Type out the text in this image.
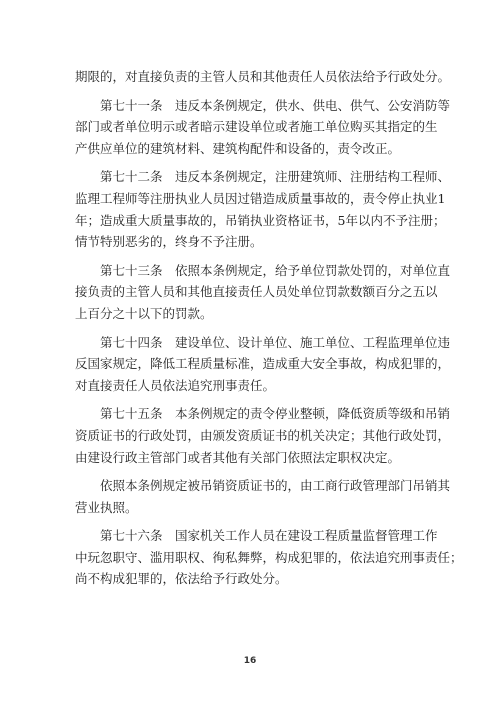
期限的，对直接负责的主管人员和其他责任人员依法给予行政处分。

第七十一条　违反本条例规定，供水、供电、供气、公安消防等
部门或者单位明示或者暗示建设单位或者施工单位购买其指定的生
产供应单位的建筑材料、建筑构配件和设备的，责令改正。

第七十二条　违反本条例规定，注册建筑师、注册结构工程师、
监理工程师等注册执业人员因过错造成质量事故的，责令停止执业1
年；造成重大质量事故的，吊销执业资格证书，5年以内不予注册；
情节特别恶劣的，终身不予注册。

第七十三条　依照本条例规定，给予单位罚款处罚的，对单位直
接负责的主管人员和其他直接责任人员处单位罚款数额百分之五以
上百分之十以下的罚款。

第七十四条　建设单位、设计单位、施工单位、工程监理单位违
反国家规定，降低工程质量标准，造成重大安全事故，构成犯罪的，
对直接责任人员依法追究刑事责任。

第七十五条　本条例规定的责令停业整顿，降低资质等级和吊销
资质证书的行政处罚，由颁发资质证书的机关决定；其他行政处罚，
由建设行政主管部门或者其他有关部门依照法定职权决定。

依照本条例规定被吊销资质证书的，由工商行政管理部门吊销其
营业执照。

第七十六条　国家机关工作人员在建设工程质量监督管理工作
中玩忽职守、滥用职权、徇私舞弊，构成犯罪的，依法追究刑事责任；
尚不构成犯罪的，依法给予行政处分。

16
